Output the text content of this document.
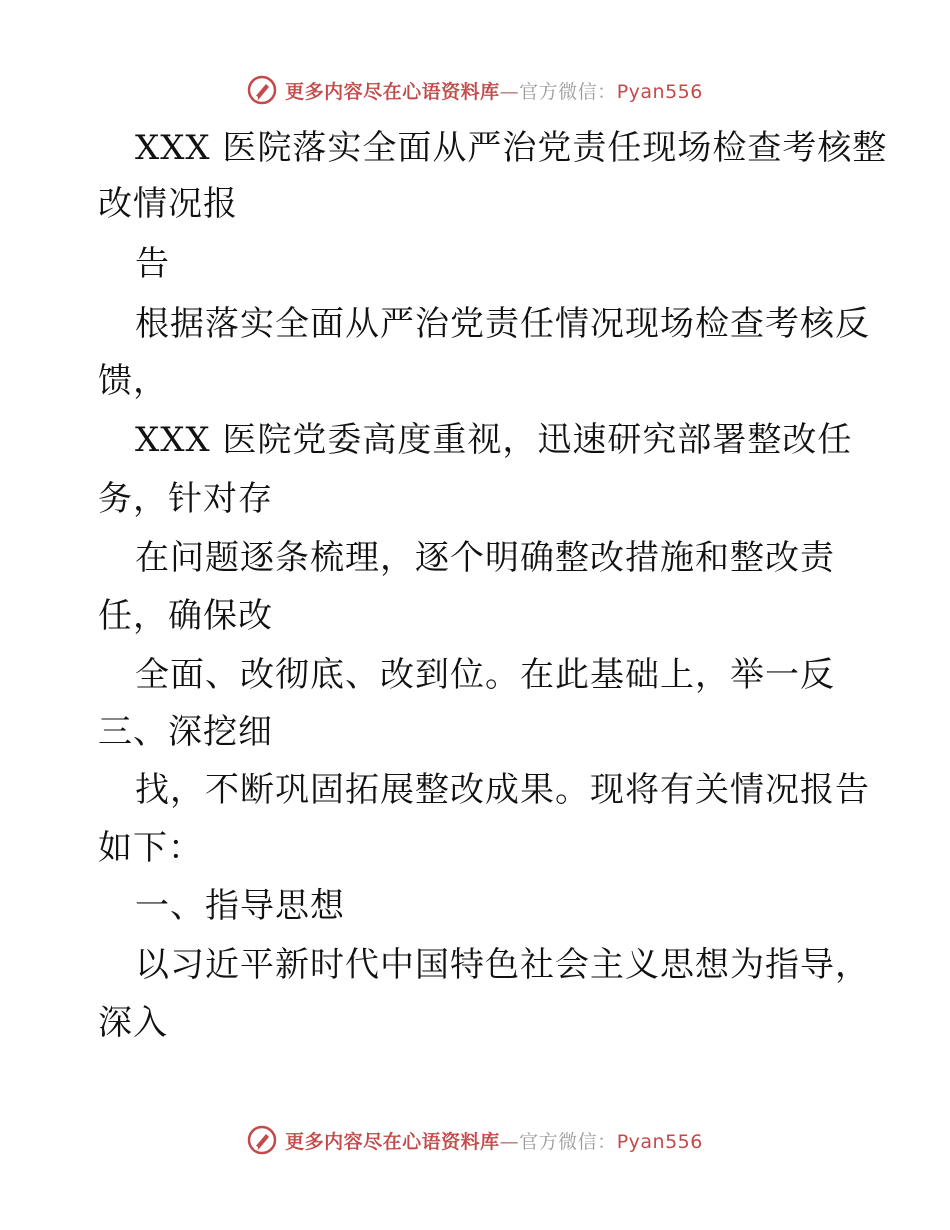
更多内容尽在心语资料库—官方微信：Pyan556
XXX 医院落实全面从严治党责任现场检查考核整
改情况报
告
根据落实全面从严治党责任情况现场检查考核反
馈，
XXX 医院党委高度重视，迅速研究部署整改任
务，针对存
在问题逐条梳理，逐个明确整改措施和整改责
任，确保改
全面、改彻底、改到位。在此基础上，举一反
三、深挖细
找，不断巩固拓展整改成果。现将有关情况报告
如下：
一、指导思想
以习近平新时代中国特色社会主义思想为指导，
深入
更多内容尽在心语资料库—官方微信：Pyan556
